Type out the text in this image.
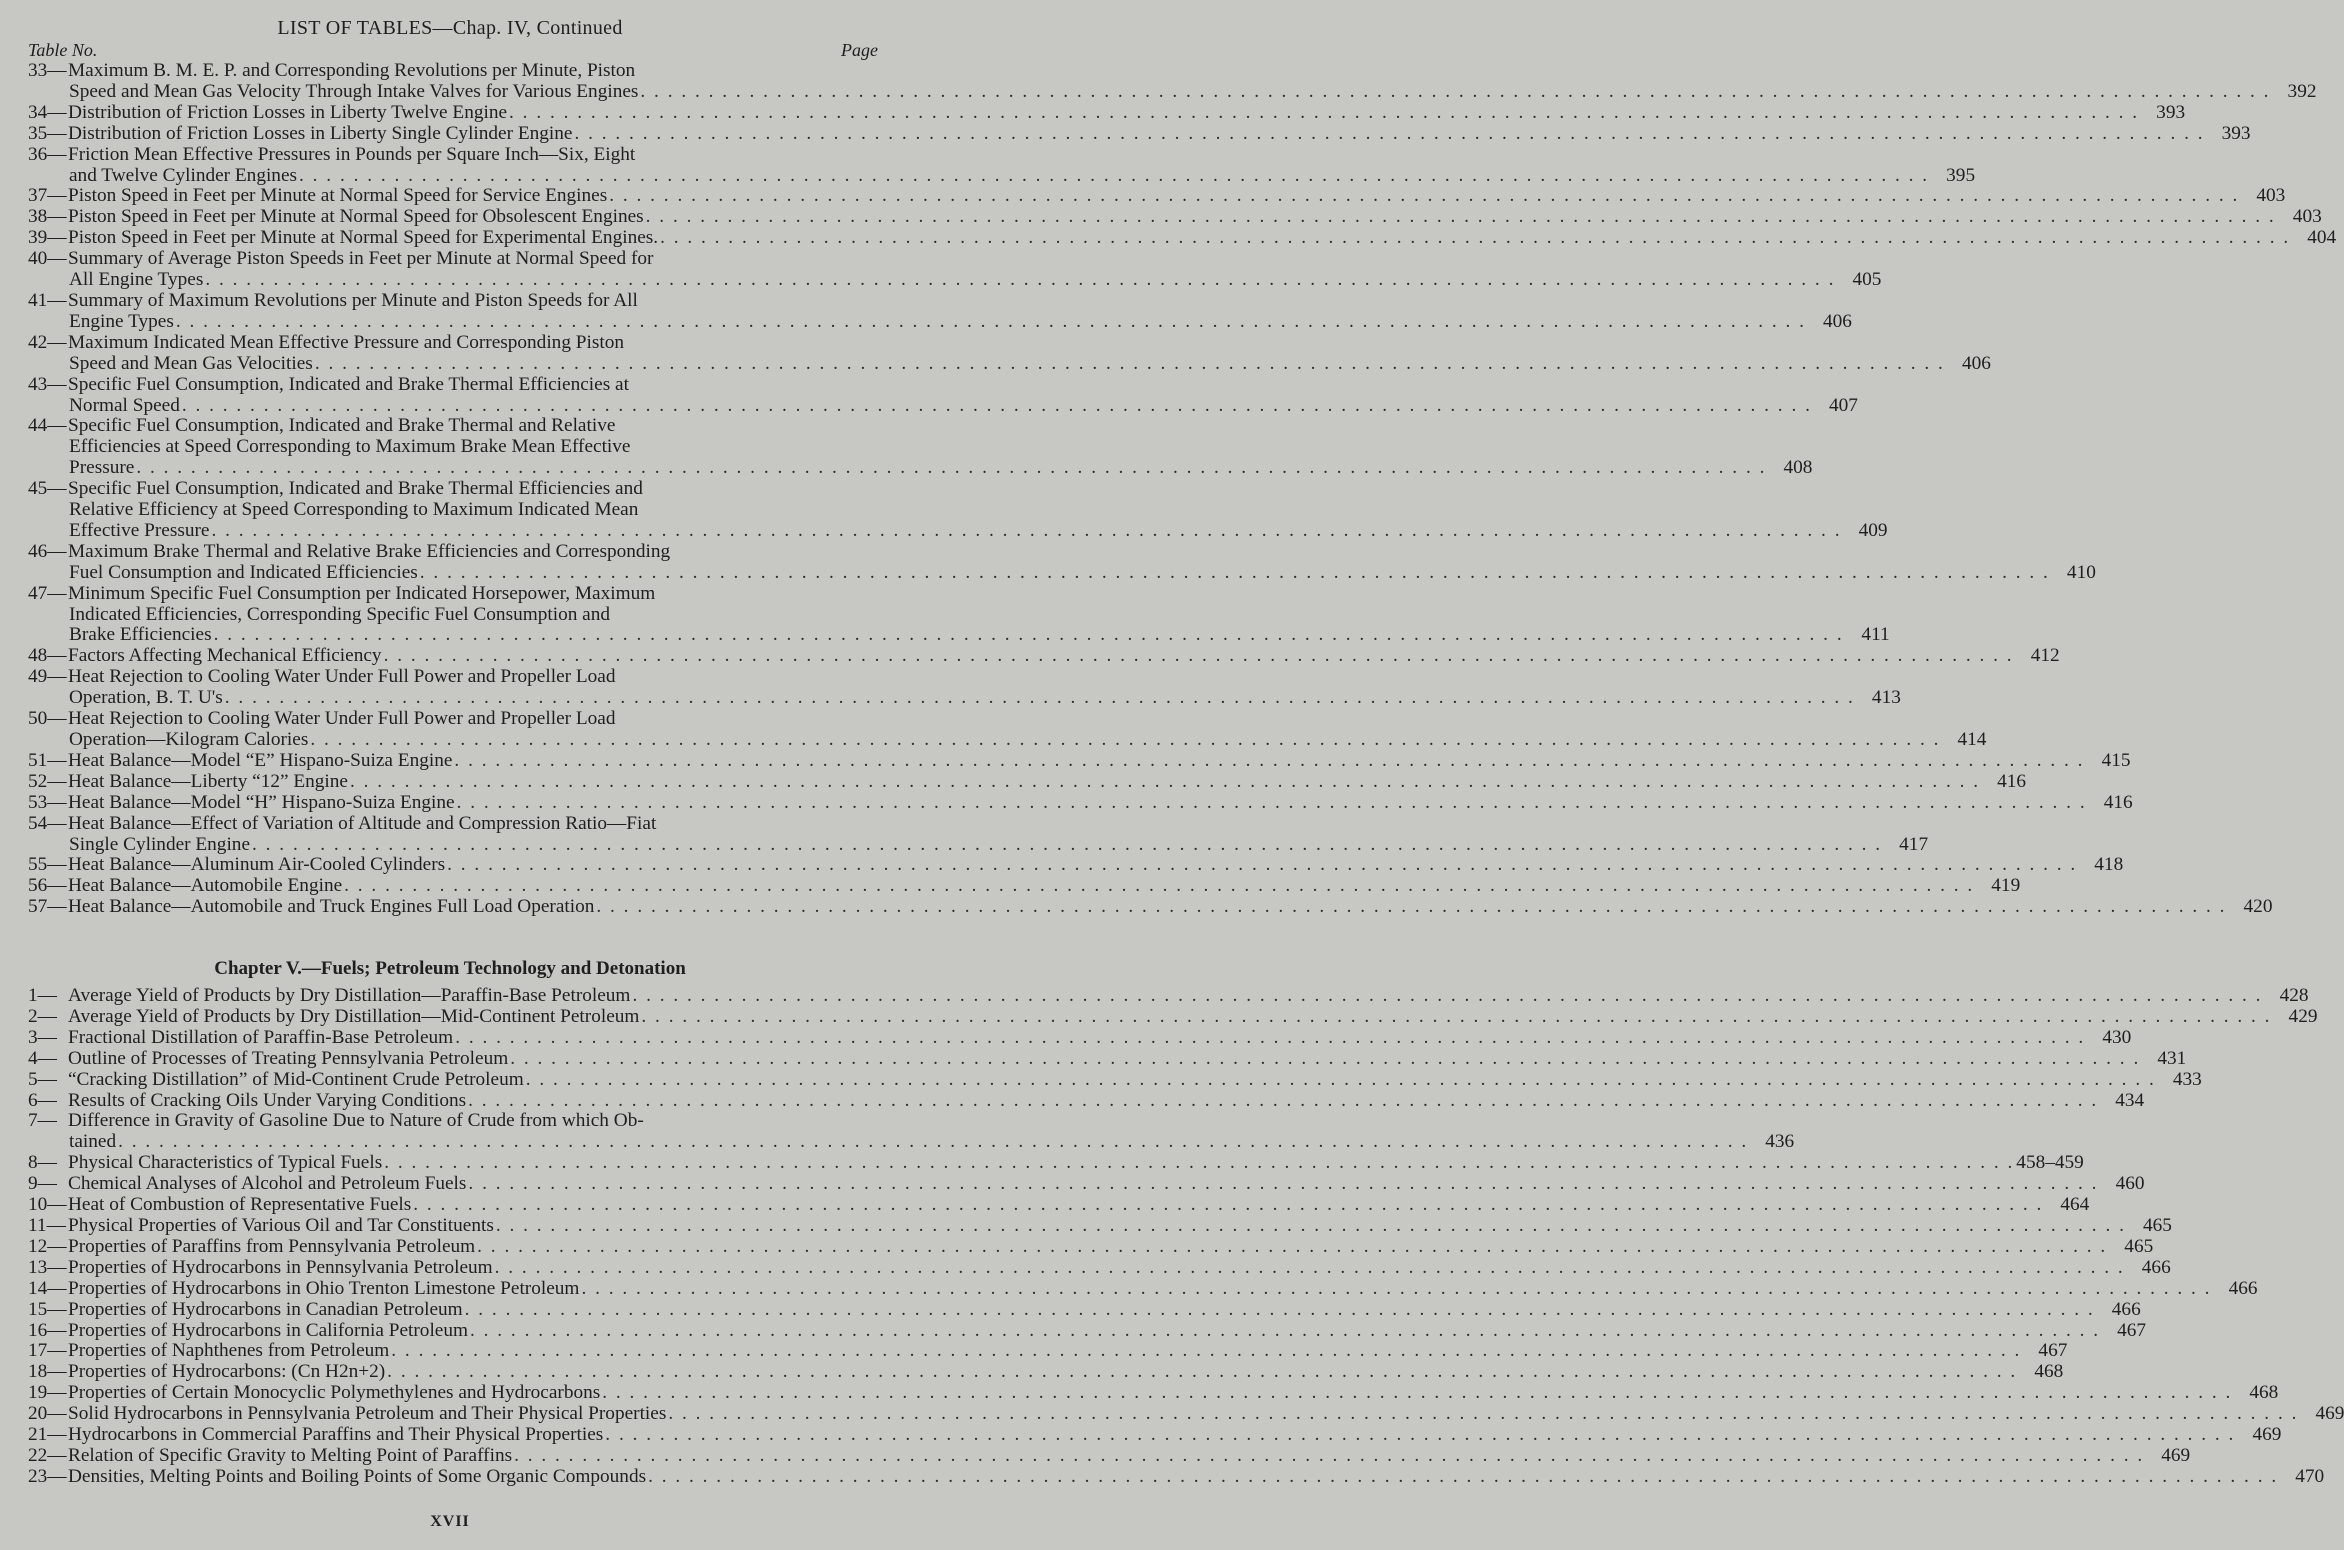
LIST OF TABLES—Chap. IV, Continued
Table No.	Page
33— Maximum B. M. E. P. and Corresponding Revolutions per Minute, Piston
Speed and Mean Gas Velocity Through Intake Valves for Various Engines . . . . . . . . . . . . . . . . . . . . . . . . . . . . . . . . . . . . . . . . . . . . . . . . . . . . . . . . . . . . . . . . . . . . . . . . . . . . . . . . . . . . . . . . . . . . . . . . . . . . . . . . . . . . . . . . . . . . . . . . 392
34— Distribution of Friction Losses in Liberty Twelve Engine . . . . . . . . . . . . . . . . . . . . . . . . . . . . . . . . . . . . . . . . . . . . . . . . . . . . . . . . . . . . . . . . . . . . . . . . . . . . . . . . . . . . . . . . . . . . . . . . . . . . . . . . . . . . . . . . . . . . . . . . 393
35— Distribution of Friction Losses in Liberty Single Cylinder Engine . . . . . . . . . . . . . . . . . . . . . . . . . . . . . . . . . . . . . . . . . . . . . . . . . . . . . . . . . . . . . . . . . . . . . . . . . . . . . . . . . . . . . . . . . . . . . . . . . . . . . . . . . . . . . . . . . . . . . . . . 393
36— Friction Mean Effective Pressures in Pounds per Square Inch—Six, Eight
and Twelve Cylinder Engines . . . . . . . . . . . . . . . . . . . . . . . . . . . . . . . . . . . . . . . . . . . . . . . . . . . . . . . . . . . . . . . . . . . . . . . . . . . . . . . . . . . . . . . . . . . . . . . . . . . . . . . . . . . . . . . . . . . . . . . . 395
37— Piston Speed in Feet per Minute at Normal Speed for Service Engines . . . . . . . . . . . . . . . . . . . . . . . . . . . . . . . . . . . . . . . . . . . . . . . . . . . . . . . . . . . . . . . . . . . . . . . . . . . . . . . . . . . . . . . . . . . . . . . . . . . . . . . . . . . . . . . . . . . . . . . . 403
38— Piston Speed in Feet per Minute at Normal Speed for Obsolescent Engines . . . . . . . . . . . . . . . . . . . . . . . . . . . . . . . . . . . . . . . . . . . . . . . . . . . . . . . . . . . . . . . . . . . . . . . . . . . . . . . . . . . . . . . . . . . . . . . . . . . . . . . . . . . . . . . . . . . . . . . . 403
39— Piston Speed in Feet per Minute at Normal Speed for Experimental Engines. . . . . . . . . . . . . . . . . . . . . . . . . . . . . . . . . . . . . . . . . . . . . . . . . . . . . . . . . . . . . . . . . . . . . . . . . . . . . . . . . . . . . . . . . . . . . . . . . . . . . . . . . . . . . . . . . . . . . . . . . 404
40— Summary of Average Piston Speeds in Feet per Minute at Normal Speed for
All Engine Types . . . . . . . . . . . . . . . . . . . . . . . . . . . . . . . . . . . . . . . . . . . . . . . . . . . . . . . . . . . . . . . . . . . . . . . . . . . . . . . . . . . . . . . . . . . . . . . . . . . . . . . . . . . . . . . . . . . . . . . . 405
41— Summary of Maximum Revolutions per Minute and Piston Speeds for All
Engine Types . . . . . . . . . . . . . . . . . . . . . . . . . . . . . . . . . . . . . . . . . . . . . . . . . . . . . . . . . . . . . . . . . . . . . . . . . . . . . . . . . . . . . . . . . . . . . . . . . . . . . . . . . . . . . . . . . . . . . . . . 406
42— Maximum Indicated Mean Effective Pressure and Corresponding Piston
Speed and Mean Gas Velocities . . . . . . . . . . . . . . . . . . . . . . . . . . . . . . . . . . . . . . . . . . . . . . . . . . . . . . . . . . . . . . . . . . . . . . . . . . . . . . . . . . . . . . . . . . . . . . . . . . . . . . . . . . . . . . . . . . . . . . . . 406
43— Specific Fuel Consumption, Indicated and Brake Thermal Efficiencies at
Normal Speed . . . . . . . . . . . . . . . . . . . . . . . . . . . . . . . . . . . . . . . . . . . . . . . . . . . . . . . . . . . . . . . . . . . . . . . . . . . . . . . . . . . . . . . . . . . . . . . . . . . . . . . . . . . . . . . . . . . . . . . . 407
44— Specific Fuel Consumption, Indicated and Brake Thermal and Relative
Efficiencies at Speed Corresponding to Maximum Brake Mean Effective
Pressure . . . . . . . . . . . . . . . . . . . . . . . . . . . . . . . . . . . . . . . . . . . . . . . . . . . . . . . . . . . . . . . . . . . . . . . . . . . . . . . . . . . . . . . . . . . . . . . . . . . . . . . . . . . . . . . . . . . . . . . . 408
45— Specific Fuel Consumption, Indicated and Brake Thermal Efficiencies and
Relative Efficiency at Speed Corresponding to Maximum Indicated Mean
Effective Pressure . . . . . . . . . . . . . . . . . . . . . . . . . . . . . . . . . . . . . . . . . . . . . . . . . . . . . . . . . . . . . . . . . . . . . . . . . . . . . . . . . . . . . . . . . . . . . . . . . . . . . . . . . . . . . . . . . . . . . . . . 409
46— Maximum Brake Thermal and Relative Brake Efficiencies and Corresponding
Fuel Consumption and Indicated Efficiencies . . . . . . . . . . . . . . . . . . . . . . . . . . . . . . . . . . . . . . . . . . . . . . . . . . . . . . . . . . . . . . . . . . . . . . . . . . . . . . . . . . . . . . . . . . . . . . . . . . . . . . . . . . . . . . . . . . . . . . . . 410
47— Minimum Specific Fuel Consumption per Indicated Horsepower, Maximum
Indicated Efficiencies, Corresponding Specific Fuel Consumption and
Brake Efficiencies . . . . . . . . . . . . . . . . . . . . . . . . . . . . . . . . . . . . . . . . . . . . . . . . . . . . . . . . . . . . . . . . . . . . . . . . . . . . . . . . . . . . . . . . . . . . . . . . . . . . . . . . . . . . . . . . . . . . . . . . 411
48— Factors Affecting Mechanical Efficiency . . . . . . . . . . . . . . . . . . . . . . . . . . . . . . . . . . . . . . . . . . . . . . . . . . . . . . . . . . . . . . . . . . . . . . . . . . . . . . . . . . . . . . . . . . . . . . . . . . . . . . . . . . . . . . . . . . . . . . . . 412
49— Heat Rejection to Cooling Water Under Full Power and Propeller Load
Operation, B. T. U's . . . . . . . . . . . . . . . . . . . . . . . . . . . . . . . . . . . . . . . . . . . . . . . . . . . . . . . . . . . . . . . . . . . . . . . . . . . . . . . . . . . . . . . . . . . . . . . . . . . . . . . . . . . . . . . . . . . . . . . . 413
50— Heat Rejection to Cooling Water Under Full Power and Propeller Load
Operation—Kilogram Calories . . . . . . . . . . . . . . . . . . . . . . . . . . . . . . . . . . . . . . . . . . . . . . . . . . . . . . . . . . . . . . . . . . . . . . . . . . . . . . . . . . . . . . . . . . . . . . . . . . . . . . . . . . . . . . . . . . . . . . . . 414
51— Heat Balance—Model “E” Hispano-Suiza Engine . . . . . . . . . . . . . . . . . . . . . . . . . . . . . . . . . . . . . . . . . . . . . . . . . . . . . . . . . . . . . . . . . . . . . . . . . . . . . . . . . . . . . . . . . . . . . . . . . . . . . . . . . . . . . . . . . . . . . . . . 415
52— Heat Balance—Liberty “12” Engine . . . . . . . . . . . . . . . . . . . . . . . . . . . . . . . . . . . . . . . . . . . . . . . . . . . . . . . . . . . . . . . . . . . . . . . . . . . . . . . . . . . . . . . . . . . . . . . . . . . . . . . . . . . . . . . . . . . . . . . . 416
53— Heat Balance—Model “H” Hispano-Suiza Engine . . . . . . . . . . . . . . . . . . . . . . . . . . . . . . . . . . . . . . . . . . . . . . . . . . . . . . . . . . . . . . . . . . . . . . . . . . . . . . . . . . . . . . . . . . . . . . . . . . . . . . . . . . . . . . . . . . . . . . . . 416
54— Heat Balance—Effect of Variation of Altitude and Compression Ratio—Fiat
Single Cylinder Engine . . . . . . . . . . . . . . . . . . . . . . . . . . . . . . . . . . . . . . . . . . . . . . . . . . . . . . . . . . . . . . . . . . . . . . . . . . . . . . . . . . . . . . . . . . . . . . . . . . . . . . . . . . . . . . . . . . . . . . . . 417
55— Heat Balance—Aluminum Air-Cooled Cylinders . . . . . . . . . . . . . . . . . . . . . . . . . . . . . . . . . . . . . . . . . . . . . . . . . . . . . . . . . . . . . . . . . . . . . . . . . . . . . . . . . . . . . . . . . . . . . . . . . . . . . . . . . . . . . . . . . . . . . . . . 418
56— Heat Balance—Automobile Engine . . . . . . . . . . . . . . . . . . . . . . . . . . . . . . . . . . . . . . . . . . . . . . . . . . . . . . . . . . . . . . . . . . . . . . . . . . . . . . . . . . . . . . . . . . . . . . . . . . . . . . . . . . . . . . . . . . . . . . . . 419
57— Heat Balance—Automobile and Truck Engines Full Load Operation . . . . . . . . . . . . . . . . . . . . . . . . . . . . . . . . . . . . . . . . . . . . . . . . . . . . . . . . . . . . . . . . . . . . . . . . . . . . . . . . . . . . . . . . . . . . . . . . . . . . . . . . . . . . . . . . . . . . . . . . 420
Chapter V.—Fuels; Petroleum Technology and Detonation
1— Average Yield of Products by Dry Distillation—Paraffin-Base Petroleum . . . . . . . . . . . . . . . . . . . . . . . . . . . . . . . . . . . . . . . . . . . . . . . . . . . . . . . . . . . . . . . . . . . . . . . . . . . . . . . . . . . . . . . . . . . . . . . . . . . . . . . . . . . . . . . . . . . . . . . . 428
2— Average Yield of Products by Dry Distillation—Mid-Continent Petroleum . . . . . . . . . . . . . . . . . . . . . . . . . . . . . . . . . . . . . . . . . . . . . . . . . . . . . . . . . . . . . . . . . . . . . . . . . . . . . . . . . . . . . . . . . . . . . . . . . . . . . . . . . . . . . . . . . . . . . . . . 429
3— Fractional Distillation of Paraffin-Base Petroleum . . . . . . . . . . . . . . . . . . . . . . . . . . . . . . . . . . . . . . . . . . . . . . . . . . . . . . . . . . . . . . . . . . . . . . . . . . . . . . . . . . . . . . . . . . . . . . . . . . . . . . . . . . . . . . . . . . . . . . . . 430
4— Outline of Processes of Treating Pennsylvania Petroleum . . . . . . . . . . . . . . . . . . . . . . . . . . . . . . . . . . . . . . . . . . . . . . . . . . . . . . . . . . . . . . . . . . . . . . . . . . . . . . . . . . . . . . . . . . . . . . . . . . . . . . . . . . . . . . . . . . . . . . . . 431
5— “Cracking Distillation” of Mid-Continent Crude Petroleum . . . . . . . . . . . . . . . . . . . . . . . . . . . . . . . . . . . . . . . . . . . . . . . . . . . . . . . . . . . . . . . . . . . . . . . . . . . . . . . . . . . . . . . . . . . . . . . . . . . . . . . . . . . . . . . . . . . . . . . . 433
6— Results of Cracking Oils Under Varying Conditions . . . . . . . . . . . . . . . . . . . . . . . . . . . . . . . . . . . . . . . . . . . . . . . . . . . . . . . . . . . . . . . . . . . . . . . . . . . . . . . . . . . . . . . . . . . . . . . . . . . . . . . . . . . . . . . . . . . . . . . . 434
7— Difference in Gravity of Gasoline Due to Nature of Crude from which Ob-
tained . . . . . . . . . . . . . . . . . . . . . . . . . . . . . . . . . . . . . . . . . . . . . . . . . . . . . . . . . . . . . . . . . . . . . . . . . . . . . . . . . . . . . . . . . . . . . . . . . . . . . . . . . . . . . . . . . . . . . . . . 436
8— Physical Characteristics of Typical Fuels . . . . . . . . . . . . . . . . . . . . . . . . . . . . . . . . . . . . . . . . . . . . . . . . . . . . . . . . . . . . . . . . . . . . . . . . . . . . . . . . . . . . . . . . . . . . . . . . . . . . . . . . . . . . . . . . . . . . . . . . 458–459
9— Chemical Analyses of Alcohol and Petroleum Fuels . . . . . . . . . . . . . . . . . . . . . . . . . . . . . . . . . . . . . . . . . . . . . . . . . . . . . . . . . . . . . . . . . . . . . . . . . . . . . . . . . . . . . . . . . . . . . . . . . . . . . . . . . . . . . . . . . . . . . . . . 460
10— Heat of Combustion of Representative Fuels . . . . . . . . . . . . . . . . . . . . . . . . . . . . . . . . . . . . . . . . . . . . . . . . . . . . . . . . . . . . . . . . . . . . . . . . . . . . . . . . . . . . . . . . . . . . . . . . . . . . . . . . . . . . . . . . . . . . . . . . 464
11— Physical Properties of Various Oil and Tar Constituents . . . . . . . . . . . . . . . . . . . . . . . . . . . . . . . . . . . . . . . . . . . . . . . . . . . . . . . . . . . . . . . . . . . . . . . . . . . . . . . . . . . . . . . . . . . . . . . . . . . . . . . . . . . . . . . . . . . . . . . . 465
12— Properties of Paraffins from Pennsylvania Petroleum . . . . . . . . . . . . . . . . . . . . . . . . . . . . . . . . . . . . . . . . . . . . . . . . . . . . . . . . . . . . . . . . . . . . . . . . . . . . . . . . . . . . . . . . . . . . . . . . . . . . . . . . . . . . . . . . . . . . . . . . 465
13— Properties of Hydrocarbons in Pennsylvania Petroleum . . . . . . . . . . . . . . . . . . . . . . . . . . . . . . . . . . . . . . . . . . . . . . . . . . . . . . . . . . . . . . . . . . . . . . . . . . . . . . . . . . . . . . . . . . . . . . . . . . . . . . . . . . . . . . . . . . . . . . . . 466
14— Properties of Hydrocarbons in Ohio Trenton Limestone Petroleum . . . . . . . . . . . . . . . . . . . . . . . . . . . . . . . . . . . . . . . . . . . . . . . . . . . . . . . . . . . . . . . . . . . . . . . . . . . . . . . . . . . . . . . . . . . . . . . . . . . . . . . . . . . . . . . . . . . . . . . . 466
15— Properties of Hydrocarbons in Canadian Petroleum . . . . . . . . . . . . . . . . . . . . . . . . . . . . . . . . . . . . . . . . . . . . . . . . . . . . . . . . . . . . . . . . . . . . . . . . . . . . . . . . . . . . . . . . . . . . . . . . . . . . . . . . . . . . . . . . . . . . . . . . 466
16— Properties of Hydrocarbons in California Petroleum . . . . . . . . . . . . . . . . . . . . . . . . . . . . . . . . . . . . . . . . . . . . . . . . . . . . . . . . . . . . . . . . . . . . . . . . . . . . . . . . . . . . . . . . . . . . . . . . . . . . . . . . . . . . . . . . . . . . . . . . 467
17— Properties of Naphthenes from Petroleum . . . . . . . . . . . . . . . . . . . . . . . . . . . . . . . . . . . . . . . . . . . . . . . . . . . . . . . . . . . . . . . . . . . . . . . . . . . . . . . . . . . . . . . . . . . . . . . . . . . . . . . . . . . . . . . . . . . . . . . . 467
18— Properties of Hydrocarbons: (Cn H2n+2) . . . . . . . . . . . . . . . . . . . . . . . . . . . . . . . . . . . . . . . . . . . . . . . . . . . . . . . . . . . . . . . . . . . . . . . . . . . . . . . . . . . . . . . . . . . . . . . . . . . . . . . . . . . . . . . . . . . . . . . . 468
19— Properties of Certain Monocyclic Polymethylenes and Hydrocarbons . . . . . . . . . . . . . . . . . . . . . . . . . . . . . . . . . . . . . . . . . . . . . . . . . . . . . . . . . . . . . . . . . . . . . . . . . . . . . . . . . . . . . . . . . . . . . . . . . . . . . . . . . . . . . . . . . . . . . . . . 468
20— Solid Hydrocarbons in Pennsylvania Petroleum and Their Physical Properties . . . . . . . . . . . . . . . . . . . . . . . . . . . . . . . . . . . . . . . . . . . . . . . . . . . . . . . . . . . . . . . . . . . . . . . . . . . . . . . . . . . . . . . . . . . . . . . . . . . . . . . . . . . . . . . . . . . . . . . . 469
21— Hydrocarbons in Commercial Paraffins and Their Physical Properties . . . . . . . . . . . . . . . . . . . . . . . . . . . . . . . . . . . . . . . . . . . . . . . . . . . . . . . . . . . . . . . . . . . . . . . . . . . . . . . . . . . . . . . . . . . . . . . . . . . . . . . . . . . . . . . . . . . . . . . . 469
22— Relation of Specific Gravity to Melting Point of Paraffins . . . . . . . . . . . . . . . . . . . . . . . . . . . . . . . . . . . . . . . . . . . . . . . . . . . . . . . . . . . . . . . . . . . . . . . . . . . . . . . . . . . . . . . . . . . . . . . . . . . . . . . . . . . . . . . . . . . . . . . . 469
23— Densities, Melting Points and Boiling Points of Some Organic Compounds . . . . . . . . . . . . . . . . . . . . . . . . . . . . . . . . . . . . . . . . . . . . . . . . . . . . . . . . . . . . . . . . . . . . . . . . . . . . . . . . . . . . . . . . . . . . . . . . . . . . . . . . . . . . . . . . . . . . . . . . 470
XVII
